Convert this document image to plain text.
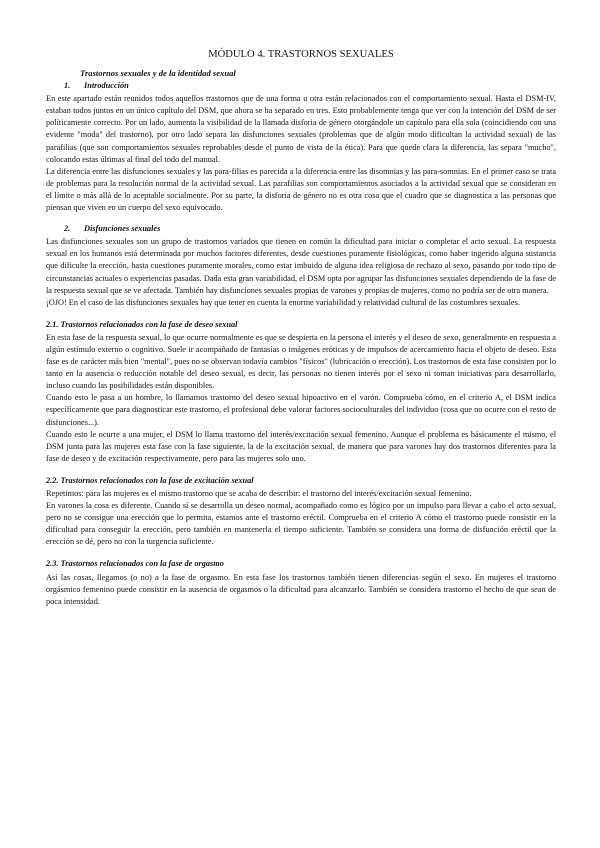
MÓDULO 4. TRASTORNOS SEXUALES
Trastornos sexuales y de la identidad sexual
1. Introducción

En este apartado están reunidos todos aquellos trastornos que de una forma u otra están relacionados con el comportamiento sexual. Hasta el DSM-IV, estaban todos juntos en un único capítulo del DSM, que ahora se ha separado en tres. Esto probablemente tenga que ver con la intención del DSM de ser políticamente correcto. Por un lado, aumenta la visibilidad de la llamada disforia de género otorgándole un capítulo para ella sola (coincidiendo con una evidente "moda" del trastorno), por otro lado separa las disfunciones sexuales (problemas que de algún modo dificultan la actividad sexual) de las parafilias (que son comportamientos sexuales reprobables desde el punto de vista de la ética). Para que quede clara la diferencia, las separa "mucho", colocando estas últimas al final del todo del manual.

La diferencia entre las disfunciones sexuales y las para-filias es parecida a la diferencia entre las disomnias y las para-somnias. En el primer caso se trata de problemas para la resolución normal de la actividad sexual. Las parafilias son comportamientos asociados a la actividad sexual que se consideran en el límite o más allá de lo aceptable socialmente. Por su parte, la disforia de género no es otra cosa que el cuadro que se diagnostica a las personas que piensan que viven en un cuerpo del sexo equivocado.

2. Disfunciones sexuales

Las disfunciones sexuales son un grupo de trastornos variados que tienen en común la dificultad para iniciar o completar el acto sexual. La respuesta sexual en los humanos está determinada por muchos factores diferentes, desde cuestiones puramente fisiológicas, como haber ingerido alguna sustancia que dificulte la erección, hasta cuestiones puramente morales, como estar imbuido de alguna idea religiosa de rechazo al sexo, pasando por todo tipo de circunstancias actuales o experiencias pasadas. Dada esta gran variabilidad, el DSM opta por agrupar las disfunciones sexuales dependiendo de la fase de la respuesta sexual que se ve afectada. También hay disfunciones sexuales propias de varones y propias de mujeres, como no podría ser de otra manera.

¡OJO! En el caso de las disfunciones sexuales hay que tener en cuenta la enorme variabilidad y relatividad cultural de las costumbres sexuales.

2.1. Trastornos relacionados con la fase de deseo sexual

En esta fase de la respuesta sexual, lo que ocurre normalmente es que se despierta en la persona el interés y el deseo de sexo, generalmente en respuesta a algún estímulo externo o cognitivo. Suele ir acompañado de fantasías o imágenes eróticas y de impulsos de acercamiento hacia el objeto de deseo. Esta fase es de carácter más bien "mental", pues no se observan todavía cambios "físicos" (lubricación o erección). Los trastornos de esta fase consisten por lo tanto en la ausencia o reducción notable del deseo sexual, es decir, las personas no tienen interés por el sexo ni toman iniciativas para desarrollarlo, incluso cuando las posibilidades están disponibles.

Cuando esto le pasa a un hombre, lo llamamos trastorno del deseo sexual hipoactivo en el varón. Comprueba cómo, en el criterio A, el DSM indica específicamente que para diagnosticar este trastorno, el profesional debe valorar factores socioculturales del individuo (cosa que no ocurre con el resto de disfunciones...).

Cuando esto le ocurre a una mujer, el DSM lo llama trastorno del interés/excitación sexual femenino. Aunque el problema es básicamente el mismo, el DSM junta para las mujeres esta fase con la fase siguiente, la de la excitación sexual, de manera que para varones hay dos trastornos diferentes para la fase de deseo y de excitación respectivamente, pero para las mujeres solo uno.

2.2. Trastornos relacionados con la fase de excitación sexual

Repetimos: para las mujeres es el mismo trastorno que se acaba de describir: el trastorno del interés/excitación sexual femenino.

En varones la cosa es diferente. Cuando sí se desarrolla un deseo normal, acompañado como es lógico por un impulso para llevar a cabo el acto sexual, pero no se consigue una erección que lo permita, estamos ante el trastorno eréctil. Comprueba en el criterio A cómo el trastorno puede consistir en la dificultad para conseguir la erección, pero también en mantenerla el tiempo suficiente. También se considera una forma de disfunción eréctil que la erección se dé, pero no con la turgencia suficiente.

2.3. Trastornos relacionados con la fase de orgasmo

Así las cosas, llegamos (o no) a la fase de orgasmo. En esta fase los trastornos también tienen diferencias según el sexo. En mujeres el trastorno orgásmico femenino puede consistir en la ausencia de orgasmos o la dificultad para alcanzarlo. También se considera trastorno el hecho de que sean de poca intensidad.
